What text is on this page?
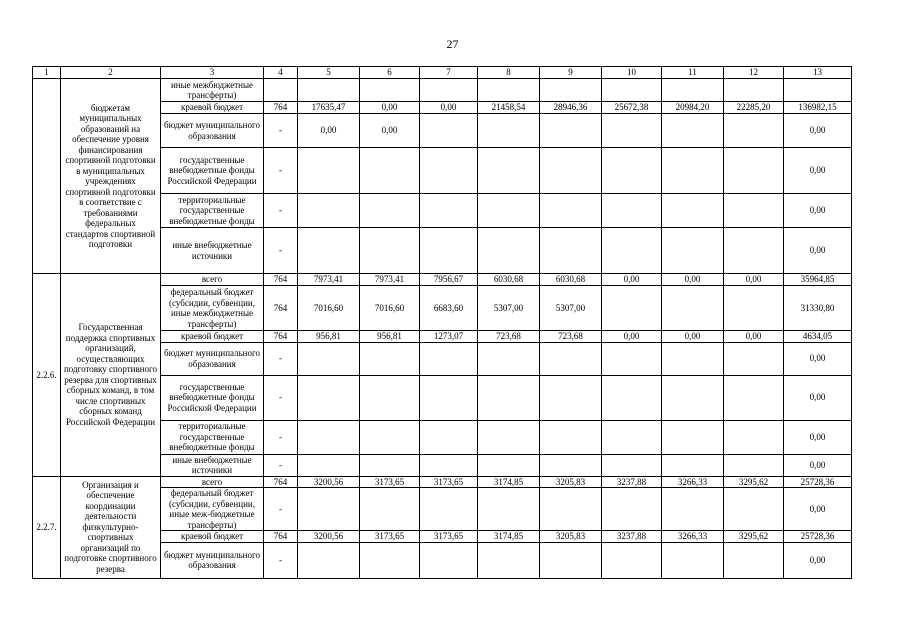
27
1	2	3	4	5	6	7	8	9	10	11	12	13
	бюджетам муниципальных образований на обеспечение уровня финансирования спортивной подготовки в муниципальных учреждениях спортивной подготовки в соответствие с требованиями федеральных стандартов спортивной подготовки	иные межбюджетные трансферты)										
		краевой бюджет	764	17635,47	0,00	0,00	21458,54	28946,36	25672,38	20984,20	22285,20	136982,15
		бюджет муниципального образования	-	0,00	0,00							0,00
		государственные внебюджетные фонды Российской Федерации	-									0,00
		территориальные государственные внебюджетные фонды	-									0,00
		иные внебюджетные источники	-									0,00
2.2.6.	Государственная поддержка спортивных организаций, осуществляющих подготовку спортивного резерва для спортивных сборных команд, в том числе спортивных сборных команд Российской Федерации	всего	764	7973,41	7973,41	7956,67	6030,68	6030,68	0,00	0,00	0,00	35964,85
		федеральный бюджет (субсидии, субвенции, иные межбюджетные трансферты)	764	7016,60	7016,60	6683,60	5307,00	5307,00				31330,80
		краевой бюджет	764	956,81	956,81	1273,07	723,68	723,68	0,00	0,00	0,00	4634,05
		бюджет муниципального образования	-									0,00
		государственные внебюджетные фонды Российской Федерации	-									0,00
		территориальные государственные внебюджетные фонды	-									0,00
		иные внебюджетные источники	-									0,00
2.2.7.	Организация и обеспечение координации деятельности физкультурно-спортивных организаций по подготовке спортивного резерва	всего	764	3200,56	3173,65	3173,65	3174,85	3205,83	3237,88	3266,33	3295,62	25728,36
		федеральный бюджет (субсидии, субвенции, иные меж-бюджетные трансферты)	-									0,00
		краевой бюджет	764	3200,56	3173,65	3173,65	3174,85	3205,83	3237,88	3266,33	3295,62	25728,36
		бюджет муниципального образования	-									0,00
